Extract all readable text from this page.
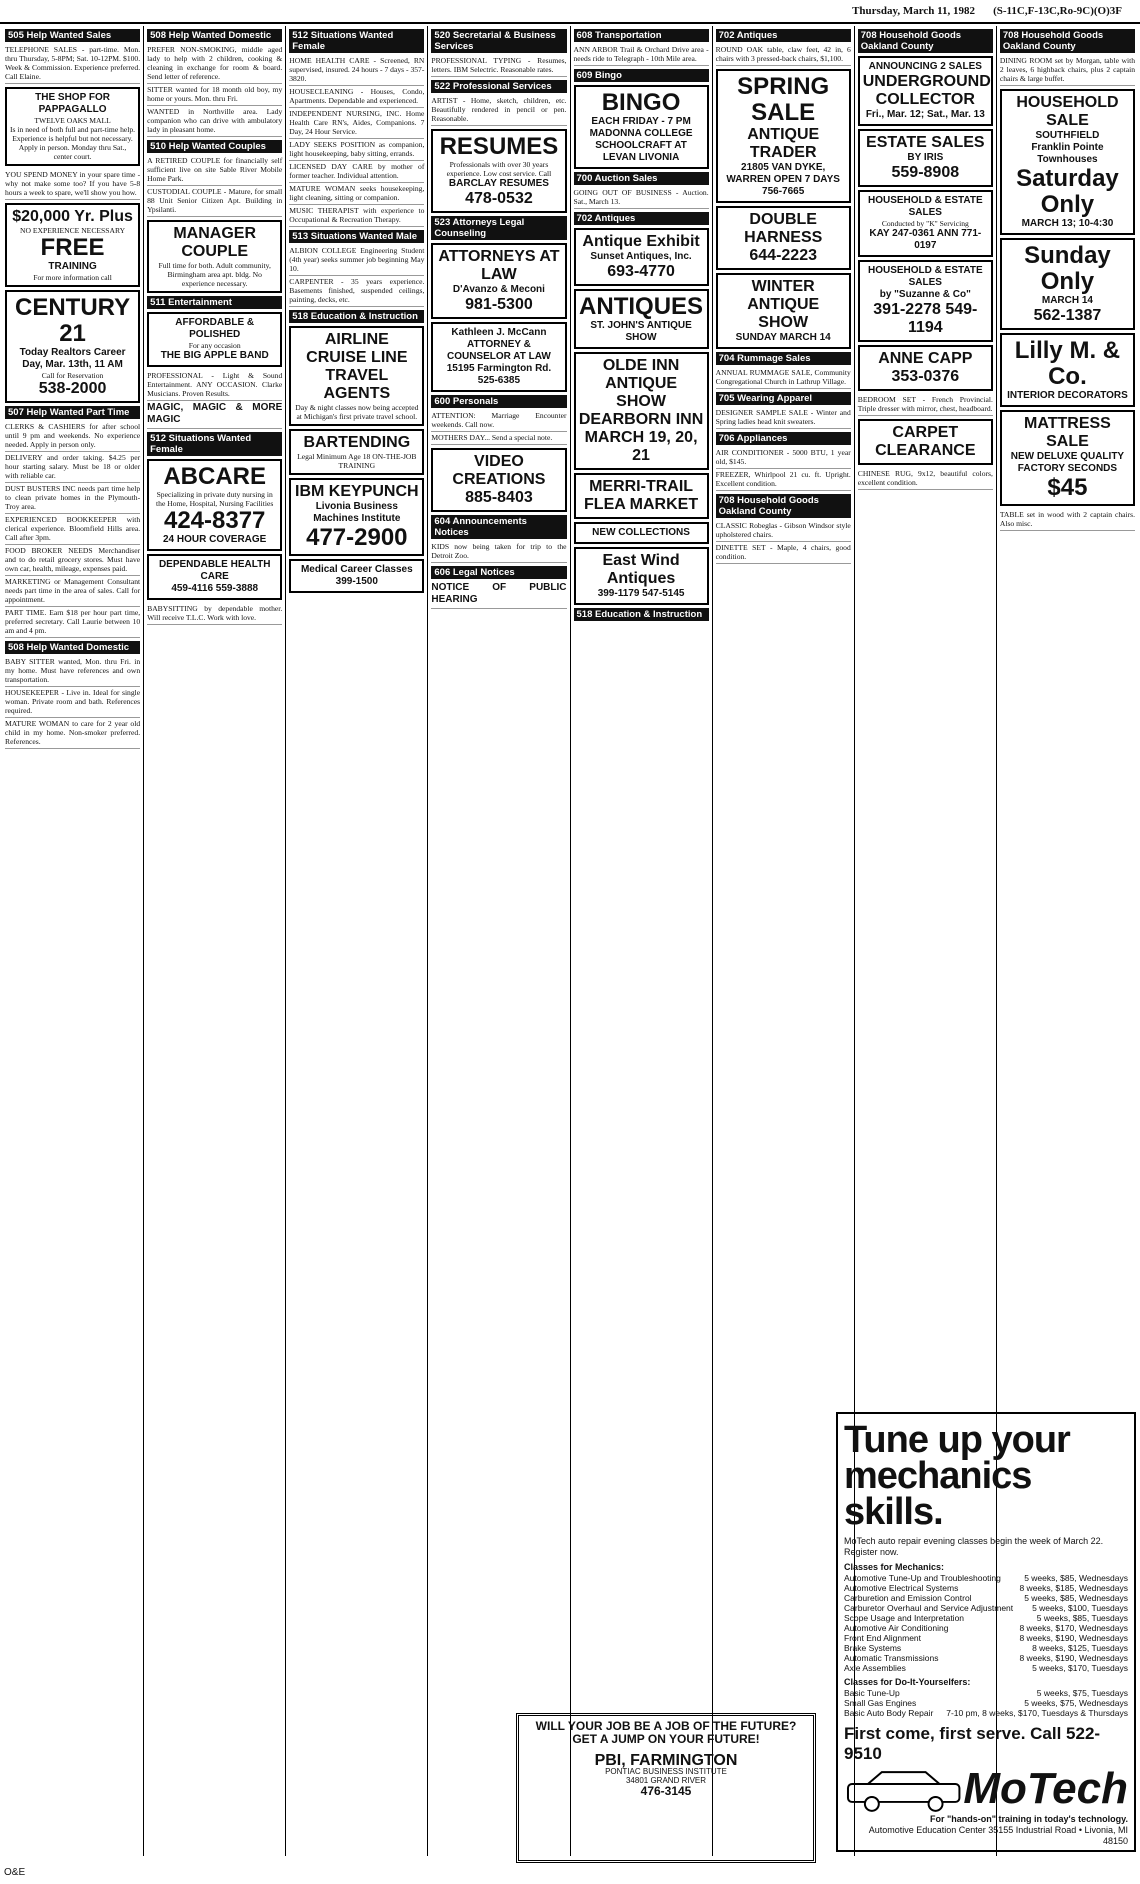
Thursday, March 11, 1982 (S-11C,F-13C,Ro-9C)(O)3F
505 Help Wanted Sales
TELEPHONE SALES - part-time. Mon. thru Thursday, 5-8PM; Sat. 10-12PM. $100. Week & Commission. Experience preferred. Call Elaine.
THE SHOP FOR PAPPAGALLO
TWELVE OAKS MALL
Is in need of both full and part-time help. Experience is helpful but not necessary. Apply in person. Monday thru Sat., center court.
YOU SPEND MONEY in your spare time - why not make some too? If you have 5-8 hours a week to spare, we'll show you how.
$20,000 Yr. Plus
NO EXPERIENCE NECESSARY
FREE
TRAINING
For more information call
CENTURY 21
Today Realtors Career Day, Mar. 13th, 11 AM
Call for Reservation
538-2000
507 Help Wanted Part Time
CLERKS & CASHIERS for after school until 9 pm and weekends. No experience needed. Apply in person only.
DELIVERY and order taking. $4.25 per hour starting salary. Must be 18 or older with reliable car.
DUST BUSTERS INC needs part time help to clean private homes in the Plymouth-Troy area.
EXPERIENCED BOOKKEEPER with clerical experience. Bloomfield Hills area. Call after 3pm.
FOOD BROKER NEEDS Merchandiser and to do retail grocery stores. Must have own car, health, mileage, expenses paid.
MARKETING or Management Consultant needs part time in the area of sales. Call for appointment.
PART TIME. Earn $18 per hour part time, preferred secretary. Call Laurie between 10 am and 4 pm.
508 Help Wanted Domestic
BABY SITTER wanted, Mon. thru Fri. in my home. Must have references and own transportation.
HOUSEKEEPER - Live in. Ideal for single woman. Private room and bath. References required.
MATURE WOMAN to care for 2 year old child in my home. Non-smoker preferred. References.
508 Help Wanted Domestic
PREFER NON-SMOKING, middle aged lady to help with 2 children, cooking & cleaning in exchange for room & board. Send letter of reference.
SITTER wanted for 18 month old boy, my home or yours. Mon. thru Fri.
WANTED in Northville area. Lady companion who can drive with ambulatory lady in pleasant home.
510 Help Wanted Couples
A RETIRED COUPLE for financially self sufficient live on site Sable River Mobile Home Park.
CUSTODIAL COUPLE - Mature, for small 88 Unit Senior Citizen Apt. Building in Ypsilanti.
MANAGER COUPLE
Full time for both. Adult community, Birmingham area apt. bldg. No experience necessary.
511 Entertainment
AFFORDABLE & POLISHED
For any occasion
THE BIG APPLE BAND
PROFESSIONAL - Light & Sound Entertainment. ANY OCCASION. Clarke Musicians. Proven Results.
MAGIC, MAGIC & MORE MAGIC
512 Situations Wanted Female
ABCARE
Specializing in private duty nursing in the Home, Hospital, Nursing Facilities
424-8377
24 HOUR COVERAGE
DEPENDABLE HEALTH CARE
459-4116 559-3888
BABYSITTING by dependable mother. Will receive T.L.C. Work with love.
512 Situations Wanted Female
HOME HEALTH CARE - Screened, RN supervised, insured. 24 hours - 7 days - 357-3820.
HOUSECLEANING - Houses, Condo, Apartments. Dependable and experienced.
INDEPENDENT NURSING, INC. Home Health Care RN's, Aides, Companions. 7 Day, 24 Hour Service.
LADY SEEKS POSITION as companion, light housekeeping, baby sitting, errands.
LICENSED DAY CARE by mother of former teacher. Individual attention.
MATURE WOMAN seeks housekeeping, light cleaning, sitting or companion.
MUSIC THERAPIST with experience to Occupational & Recreation Therapy.
513 Situations Wanted Male
ALBION COLLEGE Engineering Student (4th year) seeks summer job beginning May 10.
CARPENTER - 35 years experience. Basements finished, suspended ceilings, painting, decks, etc.
518 Education & Instruction
AIRLINE CRUISE LINE TRAVEL AGENTS
Day & night classes now being accepted at Michigan's first private travel school.
BARTENDING
Legal Minimum Age 18 ON-THE-JOB TRAINING
IBM KEYPUNCH
Livonia Business Machines Institute
477-2900
Medical Career Classes
399-1500
520 Secretarial & Business Services
PROFESSIONAL TYPING - Resumes, letters. IBM Selectric. Reasonable rates.
522 Professional Services
ARTIST - Home, sketch, children, etc. Beautifully rendered in pencil or pen. Reasonable.
RESUMES
Professionals with over 30 years experience. Low cost service. Call
BARCLAY RESUMES
478-0532
523 Attorneys Legal Counseling
ATTORNEYS AT LAW
D'Avanzo & Meconi
981-5300
Kathleen J. McCann ATTORNEY & COUNSELOR AT LAW
15195 Farmington Rd. 525-6385
600 Personals
ATTENTION: Marriage Encounter weekends. Call now.
MOTHERS DAY... Send a special note.
VIDEO CREATIONS
885-8403
604 Announcements Notices
KIDS now being taken for trip to the Detroit Zoo.
606 Legal Notices
NOTICE OF PUBLIC HEARING
608 Transportation
ANN ARBOR Trail & Orchard Drive area - needs ride to Telegraph - 10th Mile area.
609 Bingo
BINGO
EACH FRIDAY - 7 PM
MADONNA COLLEGE SCHOOLCRAFT AT LEVAN LIVONIA
700 Auction Sales
GOING OUT OF BUSINESS - Auction. Sat., March 13.
702 Antiques
Antique Exhibit
Sunset Antiques, Inc.
693-4770
ANTIQUES
ST. JOHN'S ANTIQUE SHOW
OLDE INN ANTIQUE SHOW DEARBORN INN
MARCH 19, 20, 21
MERRI-TRAIL FLEA MARKET
NEW COLLECTIONS
East Wind Antiques
399-1179 547-5145
518 Education & Instruction
702 Antiques
ROUND OAK table, claw feet, 42 in, 6 chairs with 3 pressed-back chairs, $1,100.
SPRING SALE
ANTIQUE TRADER
21805 VAN DYKE, WARREN OPEN 7 DAYS 756-7665
DOUBLE HARNESS
644-2223
WINTER ANTIQUE SHOW
SUNDAY MARCH 14
704 Rummage Sales
ANNUAL RUMMAGE SALE, Community Congregational Church in Lathrup Village.
705 Wearing Apparel
DESIGNER SAMPLE SALE - Winter and Spring ladies head knit sweaters.
706 Appliances
AIR CONDITIONER - 5000 BTU, 1 year old, $145.
FREEZER, Whirlpool 21 cu. ft. Upright. Excellent condition.
708 Household Goods Oakland County
CLASSIC Robeglas - Gibson Windsor style upholstered chairs.
DINETTE SET - Maple, 4 chairs, good condition.
708 Household Goods Oakland County
ANNOUNCING 2 SALES
UNDERGROUND COLLECTOR
Fri., Mar. 12; Sat., Mar. 13
ESTATE SALES
BY IRIS
559-8908
HOUSEHOLD & ESTATE SALES
Conducted by "K" Servicing
KAY 247-0361 ANN 771-0197
HOUSEHOLD & ESTATE SALES
by "Suzanne & Co"
391-2278 549-1194
ANNE CAPP
353-0376
BEDROOM SET - French Provincial. Triple dresser with mirror, chest, headboard.
CARPET CLEARANCE
CHINESE RUG, 9x12, beautiful colors, excellent condition.
708 Household Goods Oakland County
DINING ROOM set by Morgan, table with 2 leaves, 6 highback chairs, plus 2 captain chairs & large buffet.
HOUSEHOLD SALE
SOUTHFIELD
Franklin Pointe Townhouses
Saturday Only
MARCH 13; 10-4:30
Sunday Only
MARCH 14
562-1387
Lilly M. & Co.
INTERIOR DECORATORS
MATTRESS SALE
NEW DELUXE QUALITY FACTORY SECONDS
$45
TABLE set in wood with 2 captain chairs. Also misc.
WILL YOUR JOB BE A JOB OF THE FUTURE?
GET A JUMP ON YOUR FUTURE!
PBI, FARMINGTON
PONTIAC BUSINESS INSTITUTE
34801 GRAND RIVER
476-3145
Tune up your mechanics skills.
MoTech auto repair evening classes begin the week of March 22. Register now.
Classes for Mechanics:
Automotive Tune-Up and Troubleshooting	5 weeks, $85, Wednesdays
Automotive Electrical Systems	8 weeks, $185, Wednesdays
Carburetion and Emission Control	5 weeks, $85, Wednesdays
Carburetor Overhaul and Service Adjustment	5 weeks, $100, Tuesdays
Scope Usage and Interpretation	5 weeks, $85, Tuesdays
Automotive Air Conditioning	8 weeks, $170, Wednesdays
Front End Alignment	8 weeks, $190, Wednesdays
Brake Systems	8 weeks, $125, Tuesdays
Automatic Transmissions	8 weeks, $190, Wednesdays
Axle Assemblies	5 weeks, $170, Tuesdays
Classes for Do-It-Yourselfers:
Basic Tune-Up	5 weeks, $75, Tuesdays
Small Gas Engines	5 weeks, $75, Wednesdays
Basic Auto Body Repair	7-10 pm, 8 weeks, $170, Tuesdays & Thursdays
First come, first serve. Call 522-9510
MoTech
For "hands-on" training in today's technology.
Automotive Education Center 35155 Industrial Road • Livonia, MI 48150
O&E
